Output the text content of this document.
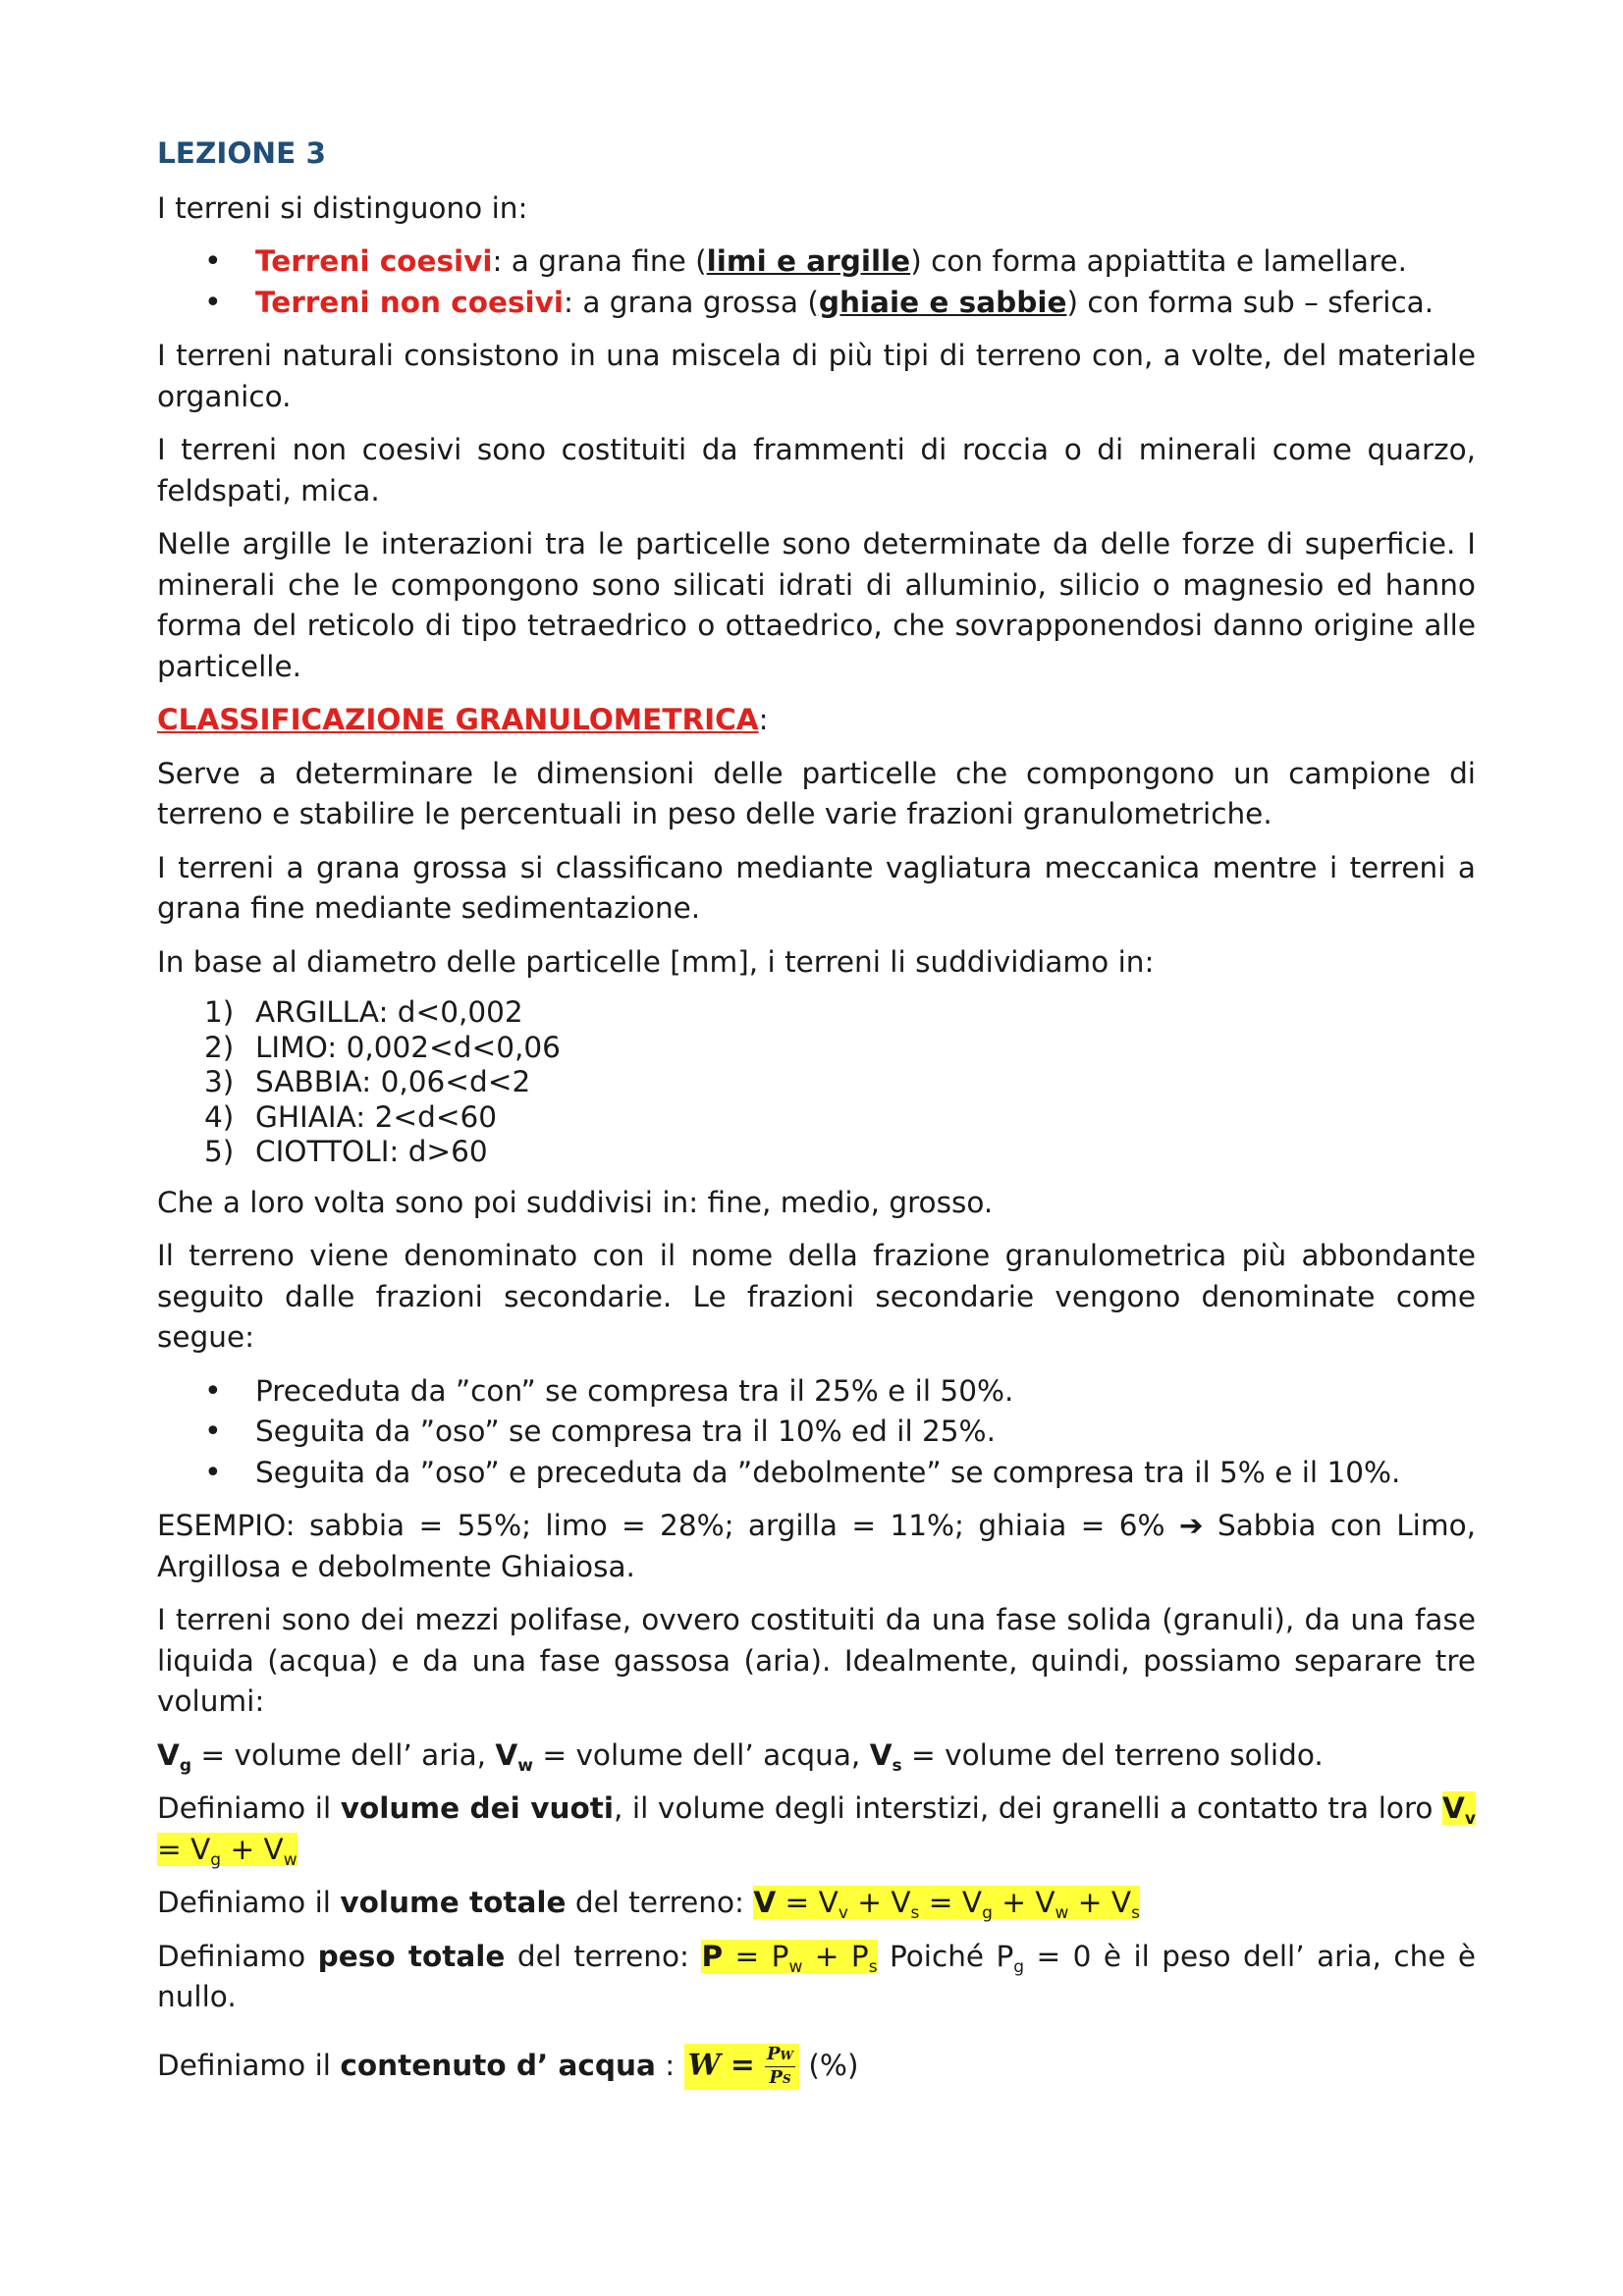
LEZIONE 3

I terreni si distinguono in:

• Terreni coesivi: a grana fine (limi e argille) con forma appiattita e lamellare.
• Terreni non coesivi: a grana grossa (ghiaie e sabbie) con forma sub – sferica.

I terreni naturali consistono in una miscela di più tipi di terreno con, a volte, del materiale organico.

I terreni non coesivi sono costituiti da frammenti di roccia o di minerali come quarzo, feldspati, mica.

Nelle argille le interazioni tra le particelle sono determinate da delle forze di superficie. I minerali che le compongono sono silicati idrati di alluminio, silicio o magnesio ed hanno forma del reticolo di tipo tetraedrico o ottaedrico, che sovrapponendosi danno origine alle particelle.

CLASSIFICAZIONE GRANULOMETRICA:

Serve a determinare le dimensioni delle particelle che compongono un campione di terreno e stabilire le percentuali in peso delle varie frazioni granulometriche.

I terreni a grana grossa si classificano mediante vagliatura meccanica mentre i terreni a grana fine mediante sedimentazione.

In base al diametro delle particelle [mm], i terreni li suddividiamo in:

1) ARGILLA: d<0,002
2) LIMO: 0,002<d<0,06
3) SABBIA: 0,06<d<2
4) GHIAIA: 2<d<60
5) CIOTTOLI: d>60

Che a loro volta sono poi suddivisi in: fine, medio, grosso.

Il terreno viene denominato con il nome della frazione granulometrica più abbondante seguito dalle frazioni secondarie. Le frazioni secondarie vengono denominate come segue:

• Preceduta da ”con” se compresa tra il 25% e il 50%.
• Seguita da ”oso” se compresa tra il 10% ed il 25%.
• Seguita da ”oso” e preceduta da ”debolmente” se compresa tra il 5% e il 10%.

ESEMPIO: sabbia = 55%; limo = 28%; argilla = 11%; ghiaia = 6% ➔ Sabbia con Limo, Argillosa e debolmente Ghiaiosa.

I terreni sono dei mezzi polifase, ovvero costituiti da una fase solida (granuli), da una fase liquida (acqua) e da una fase gassosa (aria). Idealmente, quindi, possiamo separare tre volumi:

$V_g$ = volume dell’ aria, $V_w$ = volume dell’ acqua, $V_s$ = volume del terreno solido.

Definiamo il volume dei vuoti, il volume degli interstizi, dei granelli a contatto tra loro $V_v = V_g + V_w$

Definiamo il volume totale del terreno: $V = V_v + V_s = V_g + V_w + V_s$

Definiamo peso totale del terreno: $P = P_w + P_s$ Poiché $P_g = 0$ è il peso dell’ aria, che è nullo.

Definiamo il contenuto d’ acqua : $W = \frac{PW}{PS}$ (%)
